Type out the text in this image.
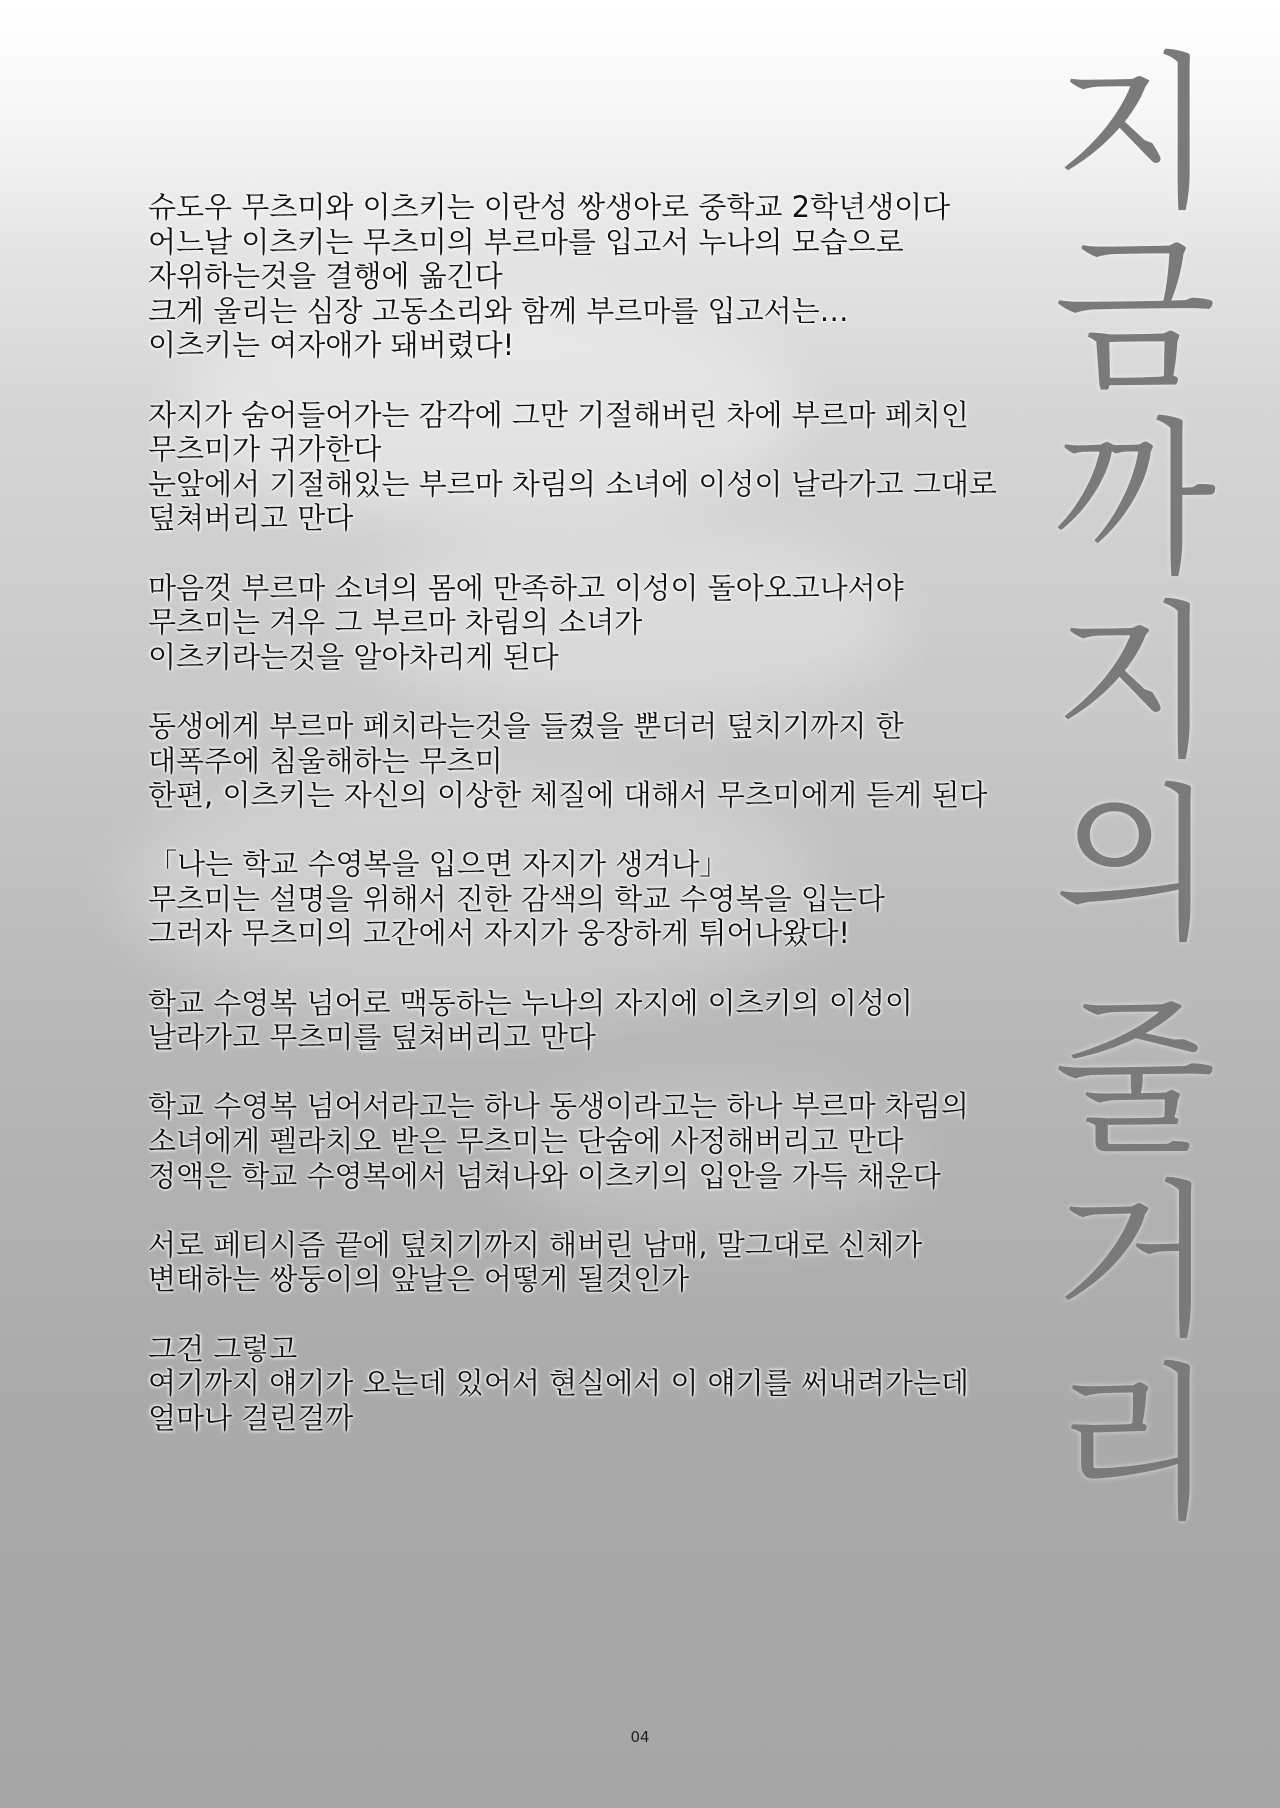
지
금
까
지
의
줄
거
리

슈도우 무츠미와 이츠키는 이란성 쌍생아로 중학교 2학년생이다
어느날 이츠키는 무츠미의 부르마를 입고서 누나의 모습으로
자위하는것을 결행에 옮긴다
크게 울리는 심장 고동소리와 함께 부르마를 입고서는…
이츠키는 여자애가 돼버렸다!

자지가 숨어들어가는 감각에 그만 기절해버린 차에 부르마 페치인
무츠미가 귀가한다
눈앞에서 기절해있는 부르마 차림의 소녀에 이성이 날라가고 그대로
덮쳐버리고 만다

마음껏 부르마 소녀의 몸에 만족하고 이성이 돌아오고나서야
무츠미는 겨우 그 부르마 차림의 소녀가
이츠키라는것을 알아차리게 된다

동생에게 부르마 페치라는것을 들켰을 뿐더러 덮치기까지 한
대폭주에 침울해하는 무츠미
한편, 이츠키는 자신의 이상한 체질에 대해서 무츠미에게 듣게 된다

「나는 학교 수영복을 입으면 자지가 생겨나」
무츠미는 설명을 위해서 진한 감색의 학교 수영복을 입는다
그러자 무츠미의 고간에서 자지가 웅장하게 튀어나왔다!

학교 수영복 넘어로 맥동하는 누나의 자지에 이츠키의 이성이
날라가고 무츠미를 덮쳐버리고 만다

학교 수영복 넘어서라고는 하나 동생이라고는 하나 부르마 차림의
소녀에게 펠라치오 받은 무츠미는 단숨에 사정해버리고 만다
정액은 학교 수영복에서 넘쳐나와 이츠키의 입안을 가득 채운다

서로 페티시즘 끝에 덮치기까지 해버린 남매, 말그대로 신체가
변태하는 쌍둥이의 앞날은 어떻게 될것인가

그건 그렇고
여기까지 얘기가 오는데 있어서 현실에서 이 얘기를 써내려가는데
얼마나 걸린걸까

04
